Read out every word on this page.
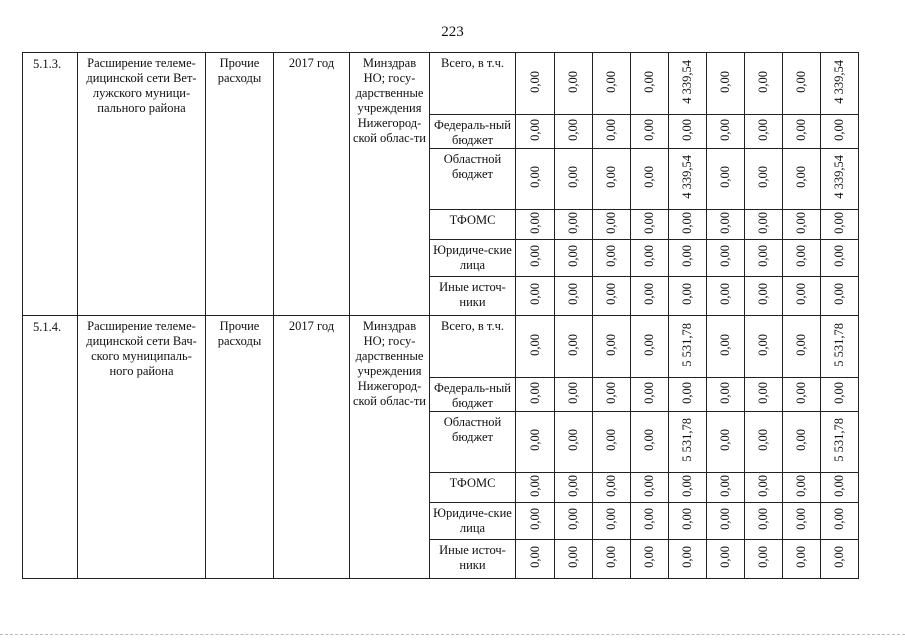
223
5.1.3.	Расширение телеме-дицинской сети Вет-лужского муници-пального района	Прочие расходы	2017 год	Минздрав НО; госу-дарственные учреждения Нижегород-ской облас-ти	Всего, в т.ч.	0,00	0,00	0,00	0,00	4 339,54	0,00	0,00	0,00	4 339,54
					Федераль-ный бюджет	0,00	0,00	0,00	0,00	0,00	0,00	0,00	0,00	0,00
					Областной бюджет	0,00	0,00	0,00	0,00	4 339,54	0,00	0,00	0,00	4 339,54
					ТФОМС	0,00	0,00	0,00	0,00	0,00	0,00	0,00	0,00	0,00
					Юридиче-ские лица	0,00	0,00	0,00	0,00	0,00	0,00	0,00	0,00	0,00
					Иные источ-ники	0,00	0,00	0,00	0,00	0,00	0,00	0,00	0,00	0,00
5.1.4.	Расширение телеме-дицинской сети Вач-ского муниципаль-ного района	Прочие расходы	2017 год	Минздрав НО; госу-дарственные учреждения Нижегород-ской облас-ти	Всего, в т.ч.	0,00	0,00	0,00	0,00	5 531,78	0,00	0,00	0,00	5 531,78
					Федераль-ный бюджет	0,00	0,00	0,00	0,00	0,00	0,00	0,00	0,00	0,00
					Областной бюджет	0,00	0,00	0,00	0,00	5 531,78	0,00	0,00	0,00	5 531,78
					ТФОМС	0,00	0,00	0,00	0,00	0,00	0,00	0,00	0,00	0,00
					Юридиче-ские лица	0,00	0,00	0,00	0,00	0,00	0,00	0,00	0,00	0,00
					Иные источ-ники	0,00	0,00	0,00	0,00	0,00	0,00	0,00	0,00	0,00
